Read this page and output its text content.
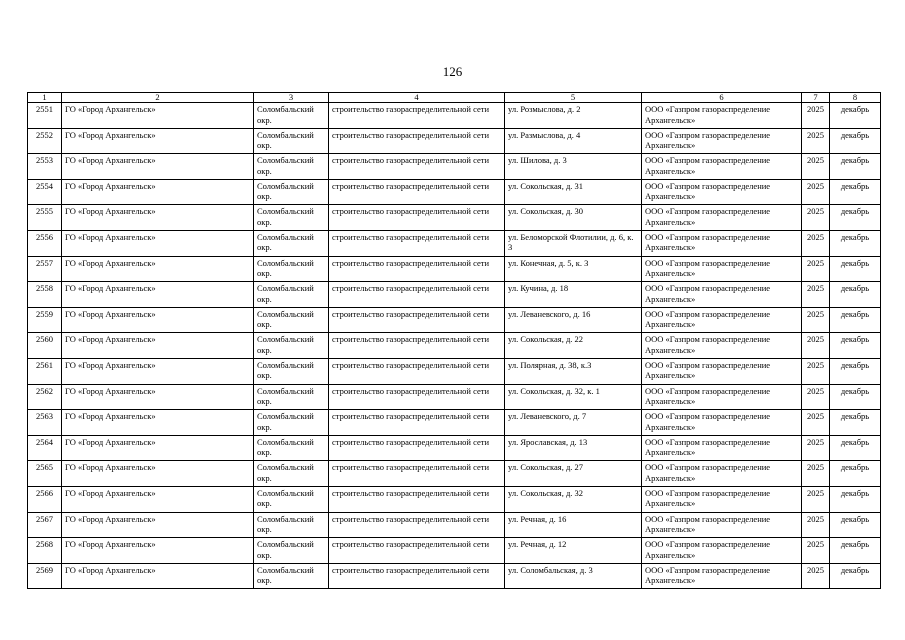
126
1	2	3	4	5	6	7	8
2551	ГО «Город Архангельск»	Соломбальский окр.	строительство газораспределительной сети	ул. Розмыслова, д. 2	ООО «Газпром газораспределение Архангельск»	2025	декабрь
2552	ГО «Город Архангельск»	Соломбальский окр.	строительство газораспределительной сети	ул. Размыслова, д. 4	ООО «Газпром газораспределение Архангельск»	2025	декабрь
2553	ГО «Город Архангельск»	Соломбальский окр.	строительство газораспределительной сети	ул. Шилова, д. 3	ООО «Газпром газораспределение Архангельск»	2025	декабрь
2554	ГО «Город Архангельск»	Соломбальский окр.	строительство газораспределительной сети	ул. Сокольская, д. 31	ООО «Газпром газораспределение Архангельск»	2025	декабрь
2555	ГО «Город Архангельск»	Соломбальский окр.	строительство газораспределительной сети	ул. Сокольская, д. 30	ООО «Газпром газораспределение Архангельск»	2025	декабрь
2556	ГО «Город Архангельск»	Соломбальский окр.	строительство газораспределительной сети	ул. Беломорской Флотилии, д. 6, к. 3	ООО «Газпром газораспределение Архангельск»	2025	декабрь
2557	ГО «Город Архангельск»	Соломбальский окр.	строительство газораспределительной сети	ул. Конечная, д. 5, к. 3	ООО «Газпром газораспределение Архангельск»	2025	декабрь
2558	ГО «Город Архангельск»	Соломбальский окр.	строительство газораспределительной сети	ул. Кучина, д. 18	ООО «Газпром газораспределение Архангельск»	2025	декабрь
2559	ГО «Город Архангельск»	Соломбальский окр.	строительство газораспределительной сети	ул. Леваневского, д. 16	ООО «Газпром газораспределение Архангельск»	2025	декабрь
2560	ГО «Город Архангельск»	Соломбальский окр.	строительство газораспределительной сети	ул. Сокольская, д. 22	ООО «Газпром газораспределение Архангельск»	2025	декабрь
2561	ГО «Город Архангельск»	Соломбальский окр.	строительство газораспределительной сети	ул. Полярная, д. 38, к.3	ООО «Газпром газораспределение Архангельск»	2025	декабрь
2562	ГО «Город Архангельск»	Соломбальский окр.	строительство газораспределительной сети	ул. Сокольская, д. 32, к. 1	ООО «Газпром газораспределение Архангельск»	2025	декабрь
2563	ГО «Город Архангельск»	Соломбальский окр.	строительство газораспределительной сети	ул. Леваневского, д. 7	ООО «Газпром газораспределение Архангельск»	2025	декабрь
2564	ГО «Город Архангельск»	Соломбальский окр.	строительство газораспределительной сети	ул. Ярославская, д. 13	ООО «Газпром газораспределение Архангельск»	2025	декабрь
2565	ГО «Город Архангельск»	Соломбальский окр.	строительство газораспределительной сети	ул. Сокольская, д. 27	ООО «Газпром газораспределение Архангельск»	2025	декабрь
2566	ГО «Город Архангельск»	Соломбальский окр.	строительство газораспределительной сети	ул. Сокольская, д. 32	ООО «Газпром газораспределение Архангельск»	2025	декабрь
2567	ГО «Город Архангельск»	Соломбальский окр.	строительство газораспределительной сети	ул. Речная, д. 16	ООО «Газпром газораспределение Архангельск»	2025	декабрь
2568	ГО «Город Архангельск»	Соломбальский окр.	строительство газораспределительной сети	ул. Речная, д. 12	ООО «Газпром газораспределение Архангельск»	2025	декабрь
2569	ГО «Город Архангельск»	Соломбальский окр.	строительство газораспределительной сети	ул. Соломбальская, д. 3	ООО «Газпром газораспределение Архангельск»	2025	декабрь
